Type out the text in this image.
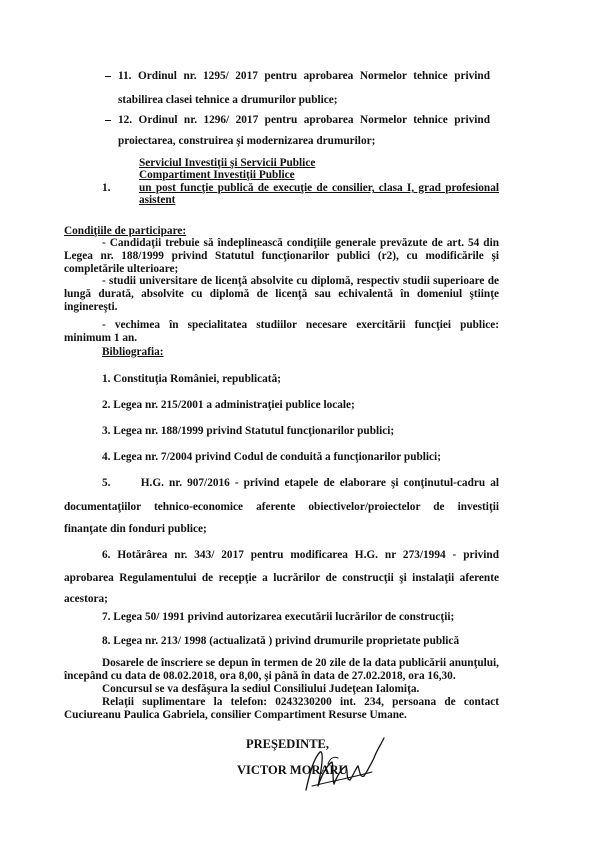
11. Ordinul nr. 1295/ 2017 pentru aprobarea Normelor tehnice privind
stabilirea clasei tehnice a drumurilor publice;
12. Ordinul nr. 1296/ 2017 pentru aprobarea Normelor tehnice privind
proiectarea, construirea şi modernizarea drumurilor;
Serviciul Investiţii şi Servicii Publice
Compartiment Investiţii Publice
1.	un post funcţie publică de execuţie de consilier, clasa I, grad profesional
asistent
Condiţiile de participare:
- Candidaţii trebuie să îndeplinească condiţiile generale prevăzute de art. 54 din
Legea nr. 188/1999 privind Statutul funcţionarilor publici (r2), cu modificările şi
completările ulterioare;
- studii universitare de licenţă absolvite cu diplomă, respectiv studii superioare de
lungă durată, absolvite cu diplomă de licenţă sau echivalentă în domeniul ştiinţe
inginereşti.
- vechimea în specialitatea studiilor necesare exercitării funcţiei publice:
minimum 1 an.
Bibliografia:
1. Constituţia României, republicată;
2. Legea nr. 215/2001 a administraţiei publice locale;
3. Legea nr. 188/1999 privind Statutul funcţionarilor publici;
4. Legea nr. 7/2004 privind Codul de conduită a funcţionarilor publici;
5.      H.G. nr. 907/2016 - privind etapele de elaborare şi conţinutul-cadru al
documentaţiilor tehnico-economice aferente obiectivelor/proiectelor de investiţii
finanţate din fonduri publice;
6. Hotărârea nr. 343/ 2017 pentru modificarea H.G. nr 273/1994 - privind
aprobarea Regulamentului de recepţie a lucrărilor de construcţii şi instalaţii aferente
acestora;
7. Legea 50/ 1991 privind autorizarea executării lucrărilor de construcţii;
8. Legea nr. 213/ 1998 (actualizată ) privind drumurile proprietate publică
Dosarele de înscriere se depun în termen de 20 zile de la data publicării anunţului,
începând cu data de 08.02.2018, ora 8,00, şi până în data de 27.02.2018, ora 16,30.
Concursul se va desfăşura la sediul Consiliului Judeţean Ialomiţa.
Relaţii suplimentare la telefon: 0243230200 int. 234, persoana de contact
Cuciureanu Paulica Gabriela, consilier Compartiment Resurse Umane.
PREŞEDINTE,
VICTOR MORARU
